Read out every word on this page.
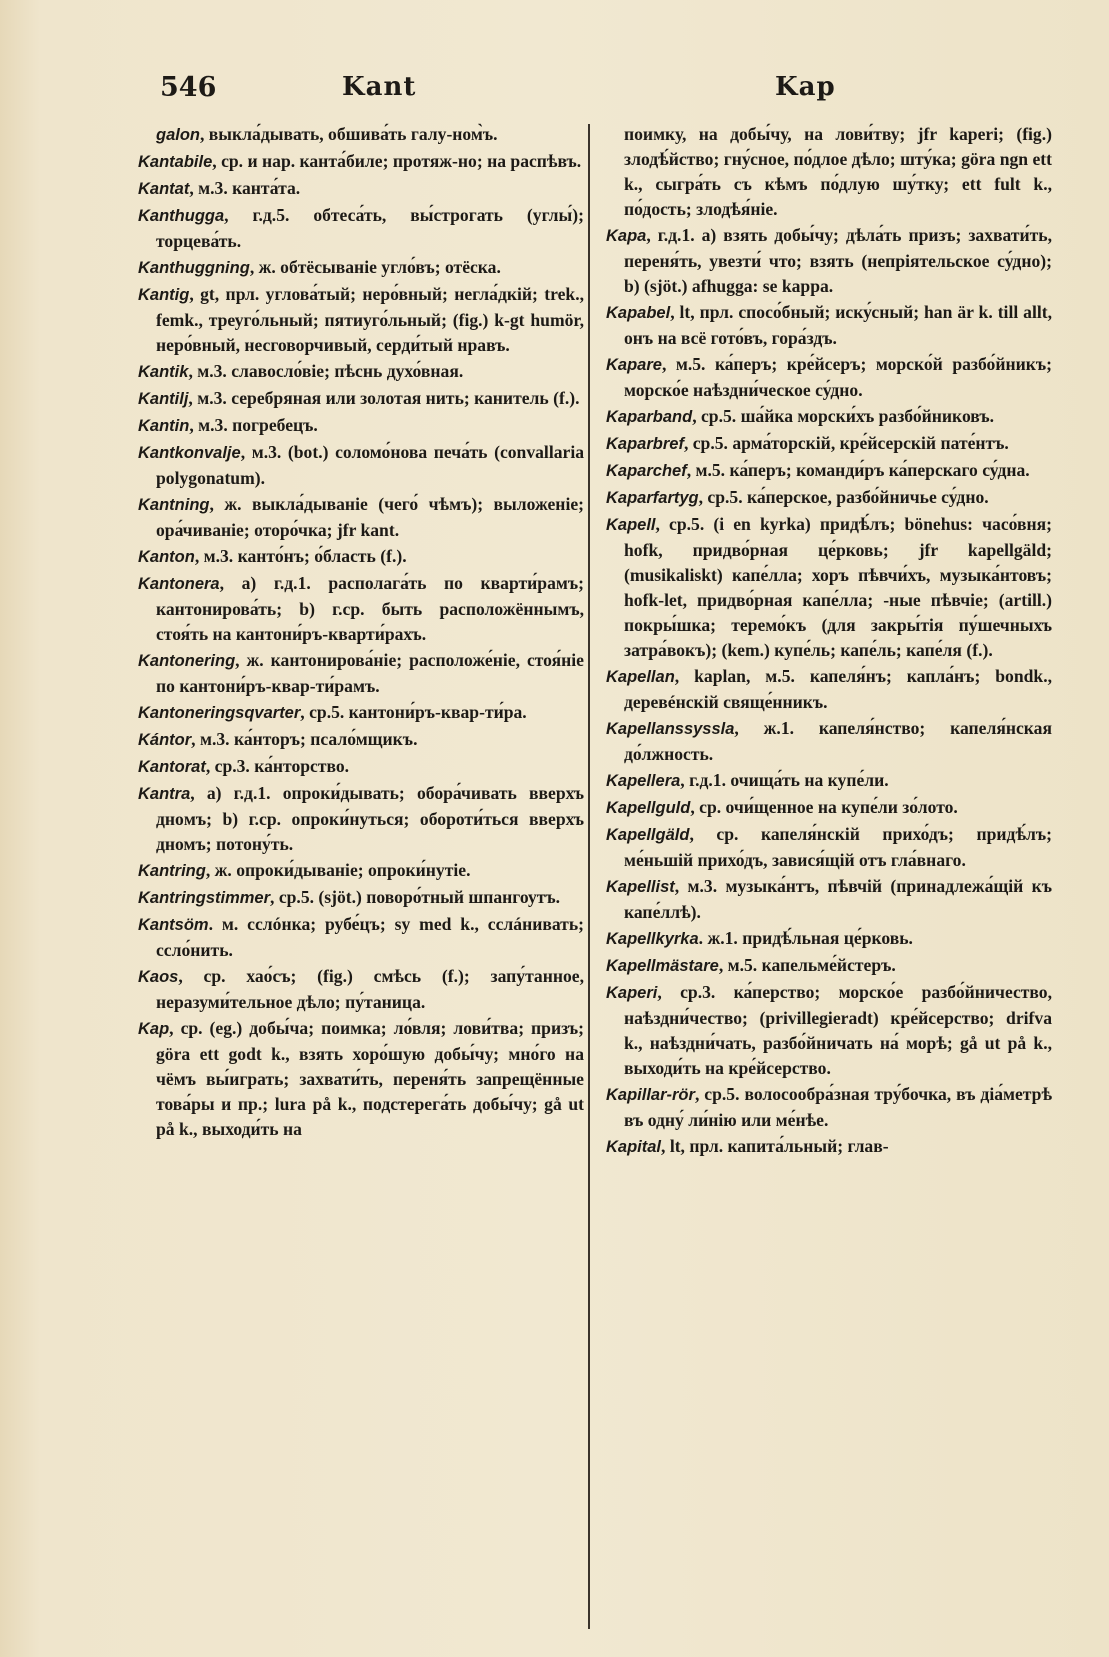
546	Kant	Kap

galon, выкла́дывать, обшива́ть галу-ном̀ъ.

Kantabile, ср. и нар. канта́биле; протяж-но; на распѣвъ.

Kantat, м.3. канта́та.

Kanthugga, г.д.5. обтеса́ть, вы́строгать (углы́); торцева́ть.

Kanthuggning, ж. обтёсываніе угло́въ; отёска.

Kantig, gt, прл. углова́тый; неро́вный; негла́дкій; trek., femk., треуго́льный; пятиуго́льный; (fig.) k-gt humör, неро́вный, несговорчивый, серди́тый нравъ.

Kantik, м.3. славосло́віе; пѣснь духо́вная.

Kantilj, м.3. серебряная или золотая нить; канитель (f.).

Kantin, м.3. погребецъ.

Kantkonvalje, м.3. (bot.) соломо́нова печа́ть (convallaria polygonatum).

Kantning, ж. выкла́дываніе (чего́ чѣмъ); выложеніе; ора́чиваніе; оторо́чка; jfr kant.

Kanton, м.3. канто́нъ; о́бласть (f.).

Kantonera, а) г.д.1. располага́ть по кварти́рамъ; кантонирова́ть; b) г.ср. быть расположённымъ, стоя́ть на кантони́ръ-кварти́рахъ.

Kantonering, ж. кантонирова́ніе; расположе́ніе, стоя́ніе по кантони́ръ-квар-ти́рамъ.

Kantoneringsqvarter, ср.5. кантони́ръ-квар-ти́ра.

Kántor, м.3. ка́нторъ; псало́мщикъ.

Kantorat, ср.3. ка́нторство.

Kantra, а) г.д.1. опроки́дывать; обора́чивать вверхъ днoмъ; b) г.ср. опроки́нуться; обороти́ться вверхъ дномъ; потону́ть.

Kantring, ж. опроки́дываніе; опроки́нутіе.

Kantringstimmer, ср.5. (sjöt.) поворо́тный шпангоутъ.

Kantsöm. м. сслóнка; рубе́цъ; sy med k., сслáнивать; ссло́нить.

Kaos, ср. хао́съ; (fig.) смѣсь (f.); запу́танное, неразуми́тельное дѣло; пу́таница.

Kap, ср. (eg.) добы́ча; поимка; ло́вля; лови́тва; призъ; göra ett godt k., взять хоро́шую добы́чу; мно́го на чёмъ вы́играть; захвати́ть, переня́ть запрещённые това́ры и пр.; lura på k., подстерега́ть добы́чу; gå ut på k., выходи́ть на

поимку, на добы́чу, на лови́тву; jfr kaperi; (fig.) злодѣ́йство; гну́сное, по́длое дѣло; шту́ка; göra ngn ett k., сыгра́ть съ кѣмъ по́длую шу́тку; ett fult k., по́дость; злодѣя́ніе.

Kapa, г.д.1. а) взять добы́чу; дѣла́ть призъ; захвати́ть, переня́ть, увезти́ что; взять (непріятельское су́дно); b) (sjöt.) afhugga: se kappa.

Kapabel, lt, прл. спосо́бный; иску́сный; han är k. till allt, онъ на всё гото́въ, гора́здъ.

Kapare, м.5. ка́перъ; кре́йсеръ; морско́й разбо́йникъ; морско́е наѣздни́ческое су́дно.

Kaparband, ср.5. ша́йка морски́хъ разбо́йниковъ.

Kaparbref, ср.5. арма́торскій, кре́йсерскій пате́нтъ.

Kaparchef, м.5. ка́перъ; команди́ръ ка́перскаго су́дна.

Kaparfartyg, ср.5. ка́перское, разбо́йничье су́дно.

Kapell, ср.5. (i en kyrka) придѣ́лъ; bönehus: часо́вня; hofk, придво́рная це́рковь; jfr kapellgäld; (musikaliskt) капе́лла; хоръ пѣвчи́хъ, музыка́нтовъ; hofk-let, придво́рная капе́лла; -ные пѣвчіе; (artill.) покры́шка; теремо́къ (для закры́тія пу́шечныхъ затра́вокъ); (kem.) купе́ль; капе́ль; капе́ля (f.).

Kapellan, kaplan, м.5. капеля́нъ; капла́нъ; bondk., деревéнскій свяще́нникъ.

Kapellanssyssla, ж.1. капеля́нство; капеля́нская до́лжность.

Kapellera, г.д.1. очища́ть на купе́ли.

Kapellguld, ср. очи́щенное на купе́ли зо́лото.

Kapellgäld, ср. капеля́нскій прихо́дъ; придѣ́лъ; ме́ньшій прихо́дъ, завися́щій отъ гла́внаго.

Kapellist, м.3. музыка́нтъ, пѣвчій (принадлежа́щій къ капе́ллѣ).

Kapellkyrka. ж.1. придѣ́льная це́рковь.

Kapellmästare, м.5. капельме́йстеръ.

Kaperi, ср.3. ка́перство; морско́е разбо́йничество, наѣздни́чество; (privillegieradt) кре́йсерство; drifva k., наѣздни́чать, разбо́йничать на́ морѣ; gå ut på k., выходи́ть на кре́йсерство.

Kapillar-rör, ср.5. волосообра́зная тру́бочка, въ діа́метрѣ въ одну́ ли́нію или ме́нѣе.

Kapital, lt, прл. капита́льный; глав-
